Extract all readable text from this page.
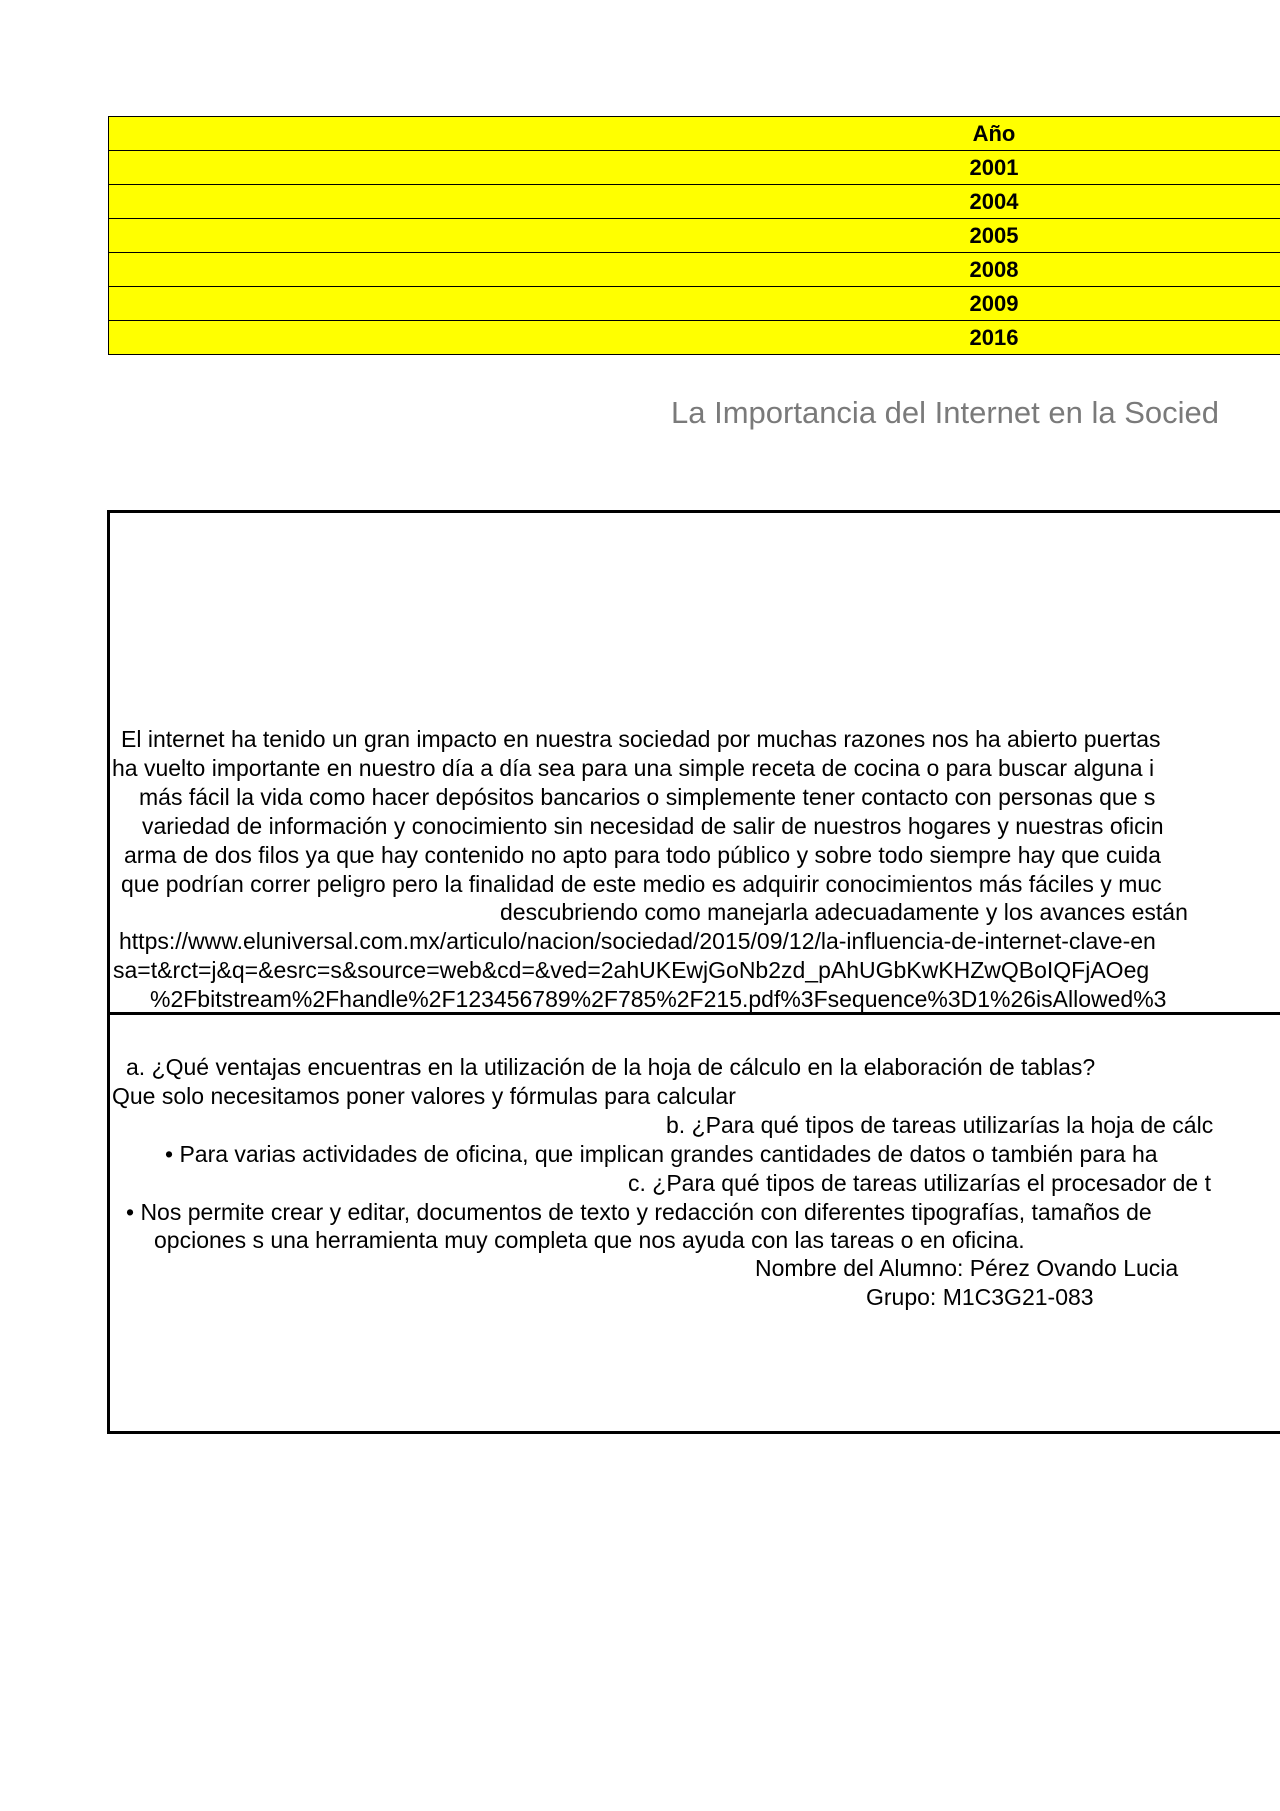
Año
2001
2004
2005
2008
2009
2016
La Importancia del Internet en la Socied
El internet ha tenido un gran impacto en nuestra sociedad por muchas razones nos ha abierto puertas
ha vuelto importante en nuestro día a día sea para una simple receta de cocina o para buscar alguna i
más fácil la vida como hacer depósitos bancarios o simplemente tener contacto con personas que s
variedad de información y conocimiento sin necesidad de salir de nuestros hogares y nuestras oficin
arma de dos filos ya que hay contenido no apto para todo público y sobre todo siempre hay que cuida
que podrían correr peligro pero la finalidad de este medio es adquirir conocimientos más fáciles y muc
descubriendo como manejarla adecuadamente y los avances están
https://www.eluniversal.com.mx/articulo/nacion/sociedad/2015/09/12/la-influencia-de-internet-clave-en
sa=t&rct=j&q=&esrc=s&source=web&cd=&ved=2ahUKEwjGoNb2zd_pAhUGbKwKHZwQBoIQFjAOeg
%2Fbitstream%2Fhandle%2F123456789%2F785%2F215.pdf%3Fsequence%3D1%26isAllowed%3
a. ¿Qué ventajas encuentras en la utilización de la hoja de cálculo en la elaboración de tablas?
Que solo necesitamos poner valores y fórmulas para calcular
b. ¿Para qué tipos de tareas utilizarías la hoja de cálc
• Para varias actividades de oficina, que implican grandes cantidades de datos o también para ha
c. ¿Para qué tipos de tareas utilizarías el procesador de t
• Nos permite crear y editar, documentos de texto y redacción con diferentes tipografías, tamaños de
opciones s una herramienta muy completa que nos ayuda con las tareas o en oficina.
Nombre del Alumno: Pérez Ovando Lucia
Grupo: M1C3G21-083
